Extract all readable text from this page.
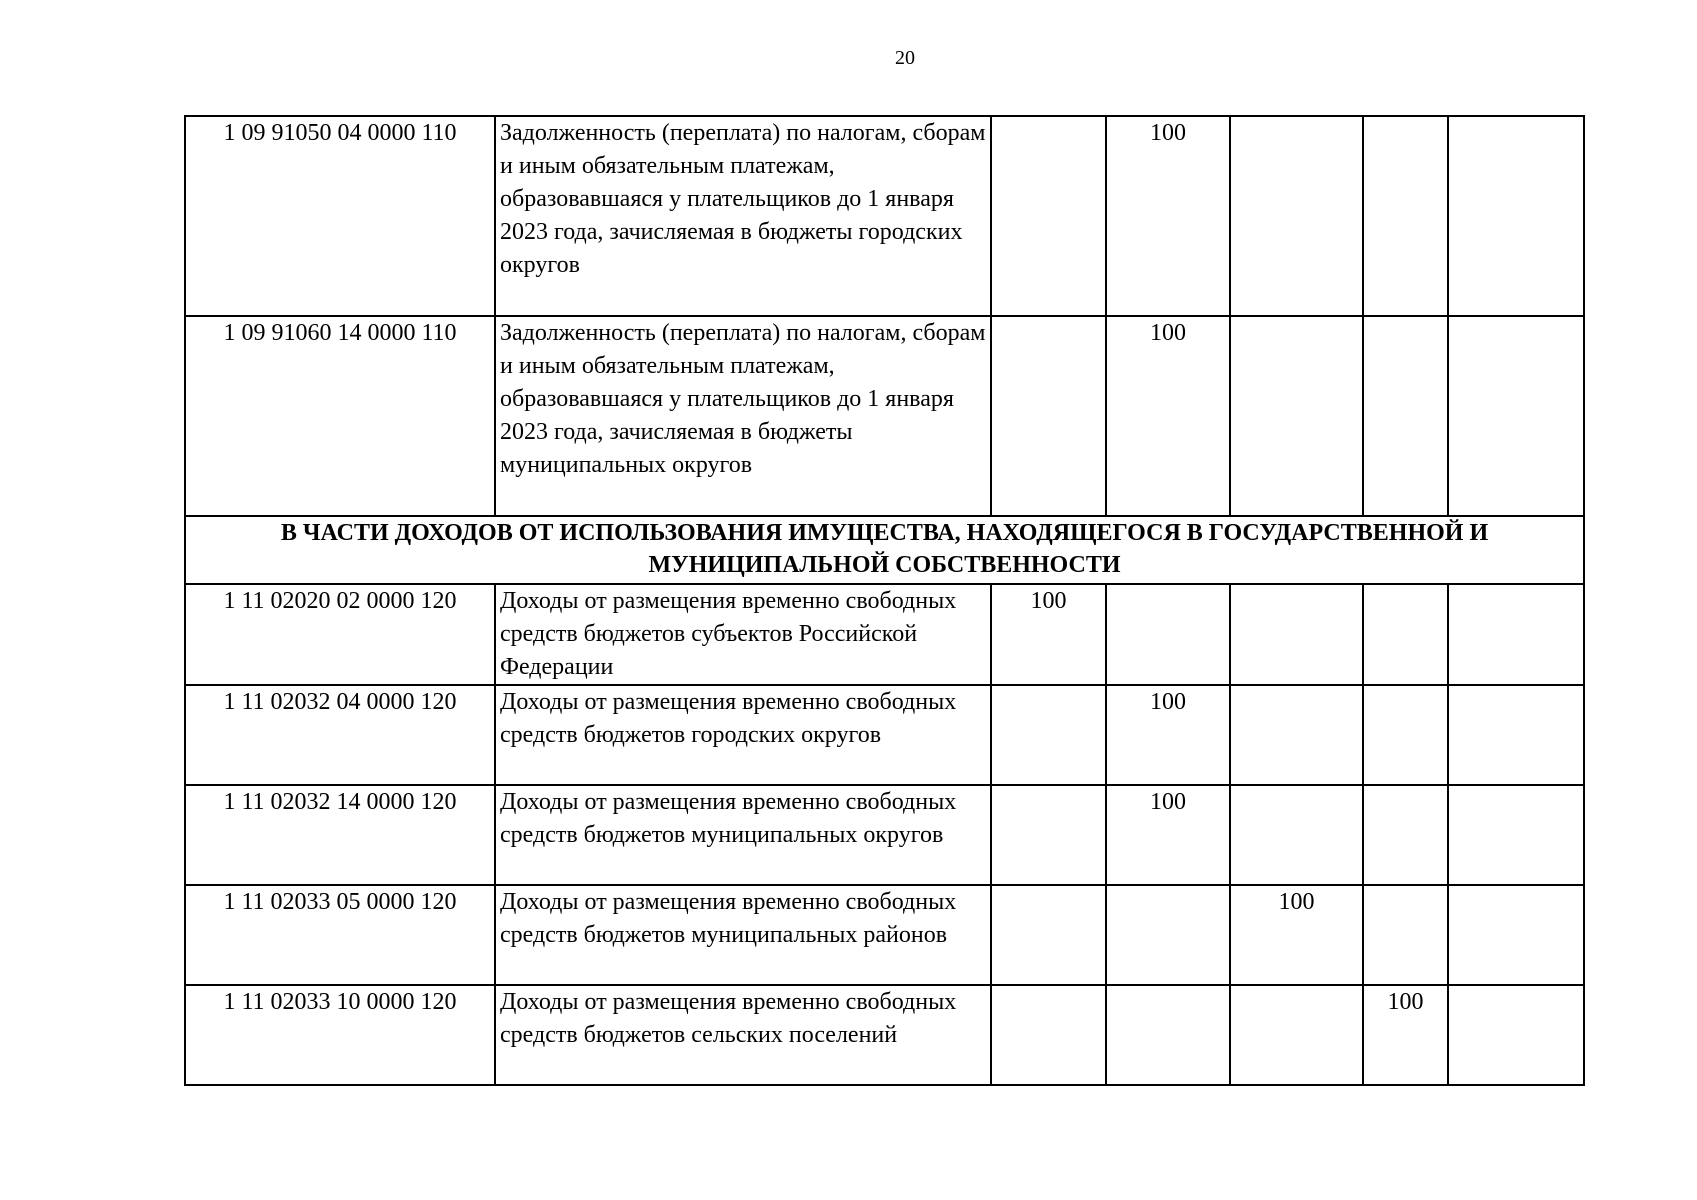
20
1 09 91050 04 0000 110	Задолженность (переплата) по налогам, сборам и иным обязательным платежам, образовавшаяся у плательщиков до 1 января 2023 года, зачисляемая в бюджеты городских округов		100			
1 09 91060 14 0000 110	Задолженность (переплата) по налогам, сборам и иным обязательным платежам, образовавшаяся у плательщиков до 1 января 2023 года, зачисляемая в бюджеты муниципальных округов		100			
В ЧАСТИ ДОХОДОВ ОТ ИСПОЛЬЗОВАНИЯ ИМУЩЕСТВА, НАХОДЯЩЕГОСЯ В ГОСУДАРСТВЕННОЙ И МУНИЦИПАЛЬНОЙ СОБСТВЕННОСТИ						
1 11 02020 02 0000 120	Доходы от размещения временно свободных средств бюджетов субъектов Российской Федерации	100				
1 11 02032 04 0000 120	Доходы от размещения временно свободных средств бюджетов городских округов		100			
1 11 02032 14 0000 120	Доходы от размещения временно свободных средств бюджетов муниципальных округов		100			
1 11 02033 05 0000 120	Доходы от размещения временно свободных средств бюджетов муниципальных районов			100		
1 11 02033 10 0000 120	Доходы от размещения временно свободных средств бюджетов сельских поселений				100	
